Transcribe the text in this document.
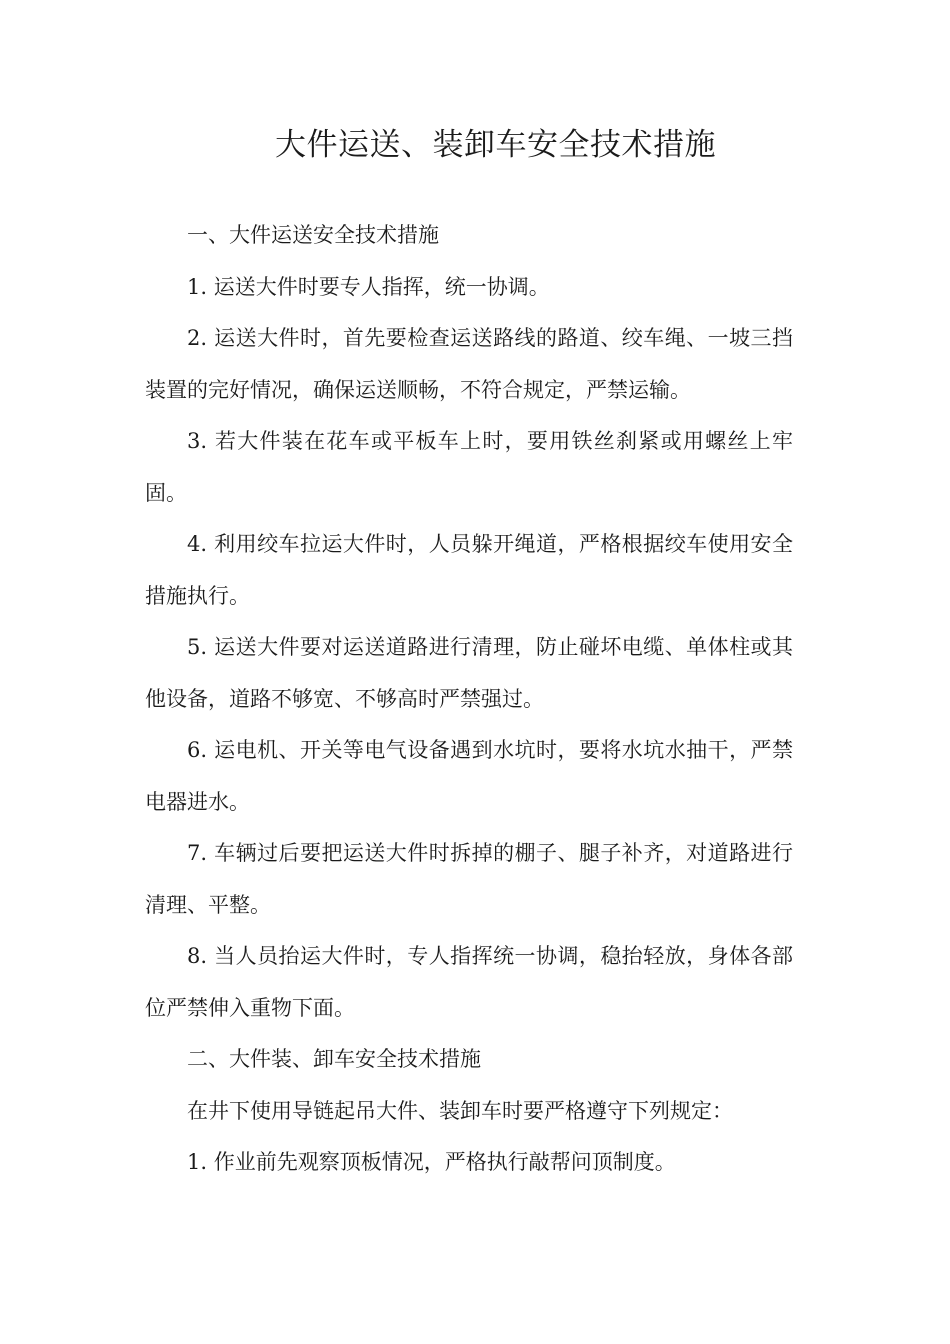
大件运送、装卸车安全技术措施

一、大件运送安全技术措施

1. 运送大件时要专人指挥，统一协调。

2. 运送大件时，首先要检查运送路线的路道、绞车绳、一坡三挡装置的完好情况，确保运送顺畅，不符合规定，严禁运输。

3. 若大件装在花车或平板车上时，要用铁丝刹紧或用螺丝上牢固。

4. 利用绞车拉运大件时，人员躲开绳道，严格根据绞车使用安全措施执行。

5. 运送大件要对运送道路进行清理，防止碰坏电缆、单体柱或其他设备，道路不够宽、不够高时严禁强过。

6. 运电机、开关等电气设备遇到水坑时，要将水坑水抽干，严禁电器进水。

7. 车辆过后要把运送大件时拆掉的棚子、腿子补齐，对道路进行清理、平整。

8. 当人员抬运大件时，专人指挥统一协调，稳抬轻放，身体各部位严禁伸入重物下面。

二、大件装、卸车安全技术措施

在井下使用导链起吊大件、装卸车时要严格遵守下列规定：

1. 作业前先观察顶板情况，严格执行敲帮问顶制度。
